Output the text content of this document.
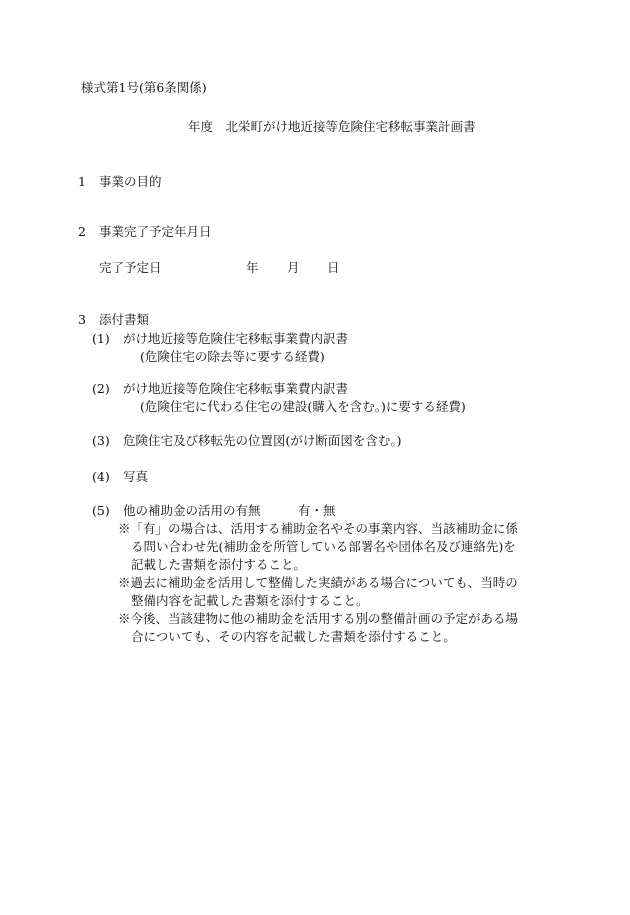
様式第1号(第6条関係)
年度　北栄町がけ地近接等危険住宅移転事業計画書
1 事業の目的
2 事業完了予定年月日
完了予定日	年 月 日
3 添付書類
(1) がけ地近接等危険住宅移転事業費内訳書
(危険住宅の除去等に要する経費)
(2) がけ地近接等危険住宅移転事業費内訳書
(危険住宅に代わる住宅の建設(購入を含む。)に要する経費)
(3) 危険住宅及び移転先の位置図(がけ断面図を含む。)
(4) 写真
(5) 他の補助金の活用の有無	有・無
※「有」の場合は、活用する補助金名やその事業内容、当該補助金に係
る問い合わせ先(補助金を所管している部署名や団体名及び連絡先)を
記載した書類を添付すること。
※過去に補助金を活用して整備した実績がある場合についても、当時の
整備内容を記載した書類を添付すること。
※今後、当該建物に他の補助金を活用する別の整備計画の予定がある場
合についても、その内容を記載した書類を添付すること。
